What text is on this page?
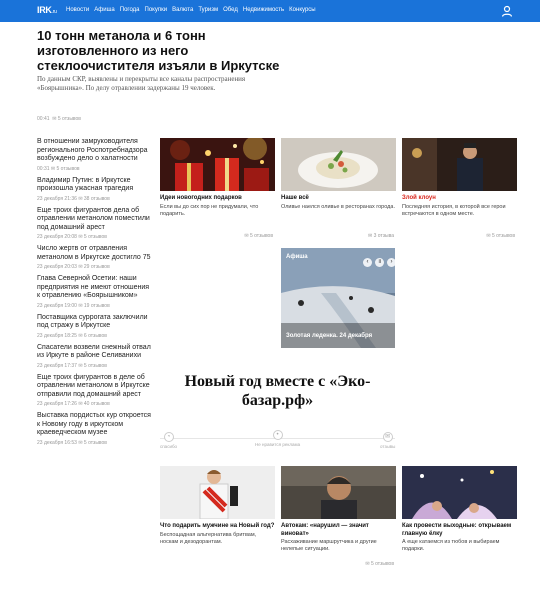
IRK.ru Новости Афиша Погода Покупки Валюта Туризм Обед Недвижимость Конкурсы
10 тонн метанола и 6 тонн изготовленного из него стеклоочистителя изъяли в Иркутске

По данным СКР, выявлены и перекрыты все каналы распространения «Боярышника». По делу отравлении задержаны 19 человек.

00:41  ✉ 5 отзывов
В отношении замруководителя регионального Роспотребнадзора возбуждено дело о халатности
00:31 ✉ 5 отзывов
Владимир Путин: в Иркутске произошла ужасная трагедия
23 декабря 21:36 ✉ 38 отзывов
Еще троих фигурантов дела об отравлении метанолом поместили под домашний арест
23 декабря 20:08 ✉ 5 отзывов
Число жертв от отравления метанолом в Иркутске достигло 75
23 декабря 20:03 ✉ 29 отзывов
Глава Северной Осетии: наши предприятия не имеют отношения к отравлению «Боярышником»
23 декабря 19:00 ✉ 19 отзывов
Поставщика суррогата заключили под стражу в Иркутске
23 декабря 18:25 ✉ 6 отзывов
Спасатели возвели снежный отвал из Иркуте в районе Селиванихи
23 декабря 17:37 ✉ 5 отзывов
Еще троих фигурантов в деле об отравлении метанолом в Иркутске отправили под домашний арест
23 декабря 17:26 ✉ 40 отзывов
Выставка пордистых кур откроется к Новому году в иркутском краеведческом музее
23 декабря 16:53 ✉ 5 отзывов
Идеи новогодних подарков
Если вы до сих пор не придумали, что подарить.
✉ 5 отзывов
Наше всё
Оливье наелся оливье в ресторанах города.
✉ 3 отзыва
Злой клоун
Последняя история, в которой все герои встречаются в одном месте.
✉ 5 отзывов
Афиша
‹	॥	›
Золотая леденка. 24 декабря
Новый год вместе с «Эко-базар.рф»
◔
спасибо
•
Не нравится реклама
✉
отзывы
Что подарить мужчине на Новый год?
Беспощадная альтернатива бритвам, носкам и дезодорантам.
Автокам: «нарушил — значит виноват»
Расхаживание маршрутчика и другие нелепые ситуации.
✉ 5 отзывов
Как провести выходные: открываем главную ёлку
А еще катаемся из тюбов и выбираем подарки.
